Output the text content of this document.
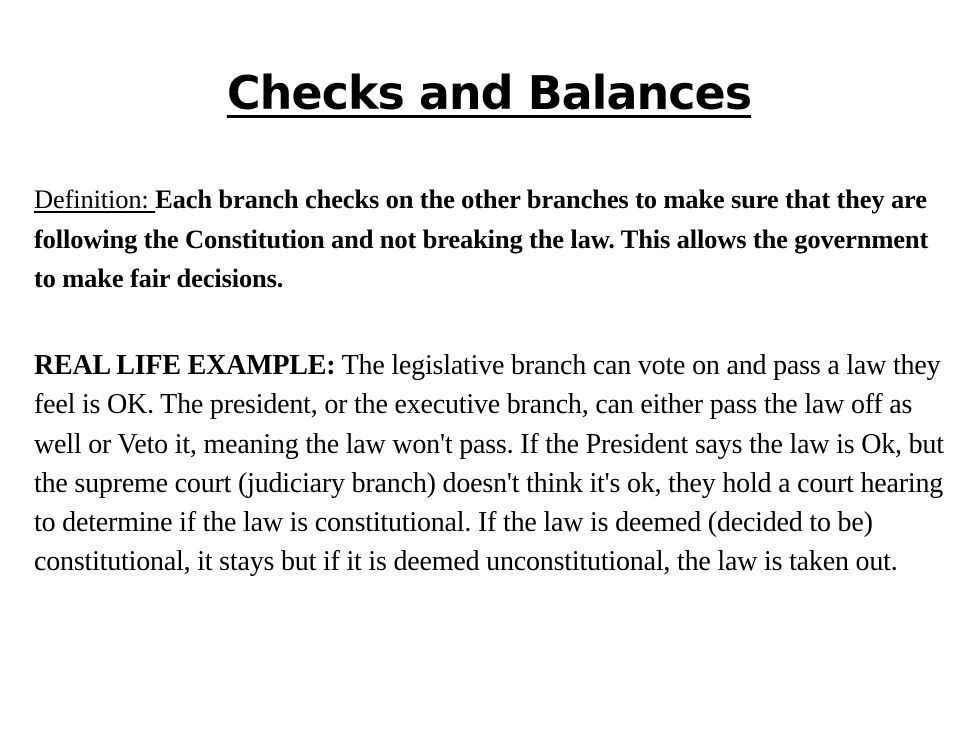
Checks and Balances

Definition: Each branch checks on the other branches to make sure that they are following the Constitution and not breaking the law. This allows the government to make fair decisions.

REAL LIFE EXAMPLE: The legislative branch can vote on and pass a law they feel is OK. The president, or the executive branch, can either pass the law off as well or Veto it, meaning the law won't pass. If the President says the law is Ok, but the supreme court (judiciary branch) doesn't think it's ok, they hold a court hearing to determine if the law is constitutional. If the law is deemed (decided to be) constitutional, it stays but if it is deemed unconstitutional, the law is taken out.
